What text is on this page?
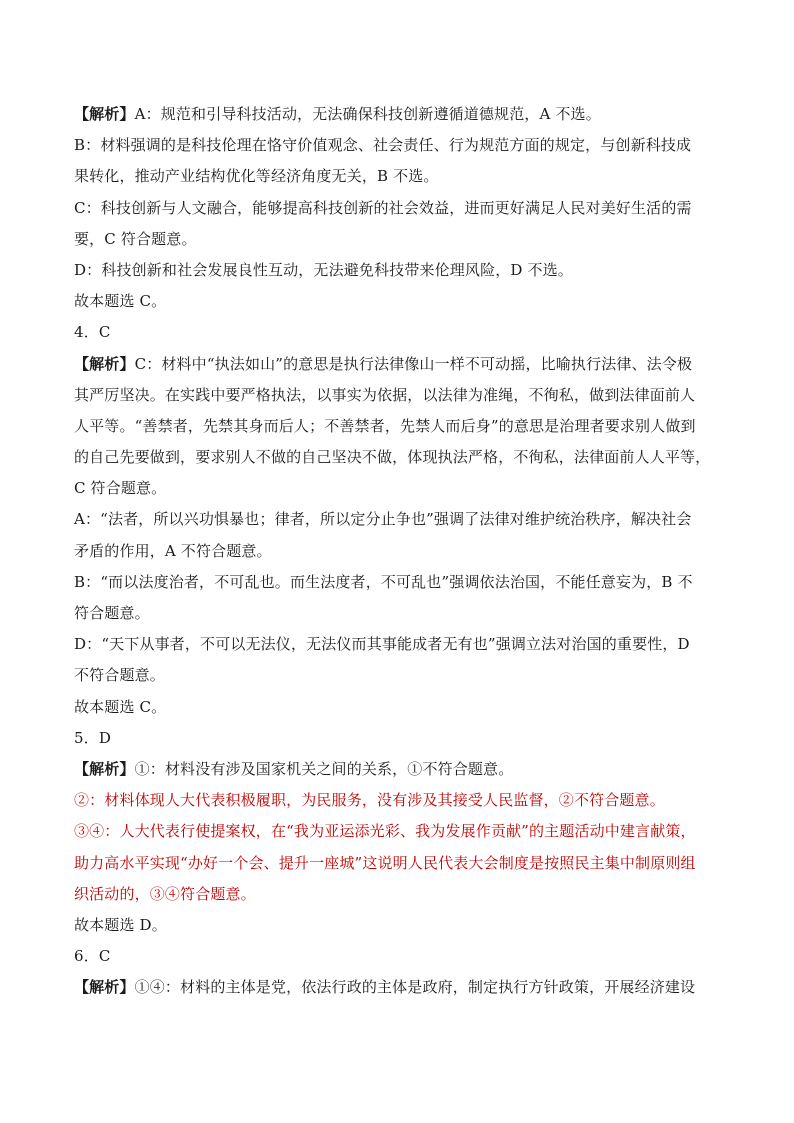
【解析】A：规范和引导科技活动，无法确保科技创新遵循道德规范，A 不选。
B：材料强调的是科技伦理在恪守价值观念、社会责任、行为规范方面的规定，与创新科技成
果转化，推动产业结构优化等经济角度无关，B 不选。
C：科技创新与人文融合，能够提高科技创新的社会效益，进而更好满足人民对美好生活的需
要，C 符合题意。
D：科技创新和社会发展良性互动，无法避免科技带来伦理风险，D 不选。
故本题选 C。
4．C
【解析】C：材料中“执法如山”的意思是执行法律像山一样不可动摇，比喻执行法律、法令极
其严厉坚决。在实践中要严格执法，以事实为依据，以法律为准绳，不徇私，做到法律面前人
人平等。“善禁者，先禁其身而后人；不善禁者，先禁人而后身”的意思是治理者要求别人做到
的自己先要做到，要求别人不做的自己坚决不做，体现执法严格，不徇私，法律面前人人平等，
C 符合题意。
A：“法者，所以兴功惧暴也；律者，所以定分止争也”强调了法律对维护统治秩序，解决社会
矛盾的作用，A 不符合题意。
B：“而以法度治者，不可乱也。而生法度者，不可乱也”强调依法治国，不能任意妄为，B 不
符合题意。
D：“天下从事者，不可以无法仪，无法仪而其事能成者无有也”强调立法对治国的重要性，D
不符合题意。
故本题选 C。
5．D
【解析】①：材料没有涉及国家机关之间的关系，①不符合题意。
②：材料体现人大代表积极履职，为民服务，没有涉及其接受人民监督，②不符合题意。
③④：人大代表行使提案权，在“我为亚运添光彩、我为发展作贡献”的主题活动中建言献策，
助力高水平实现“办好一个会、提升一座城”这说明人民代表大会制度是按照民主集中制原则组
织活动的，③④符合题意。
故本题选 D。
6．C
【解析】①④：材料的主体是党，依法行政的主体是政府，制定执行方针政策，开展经济建设
